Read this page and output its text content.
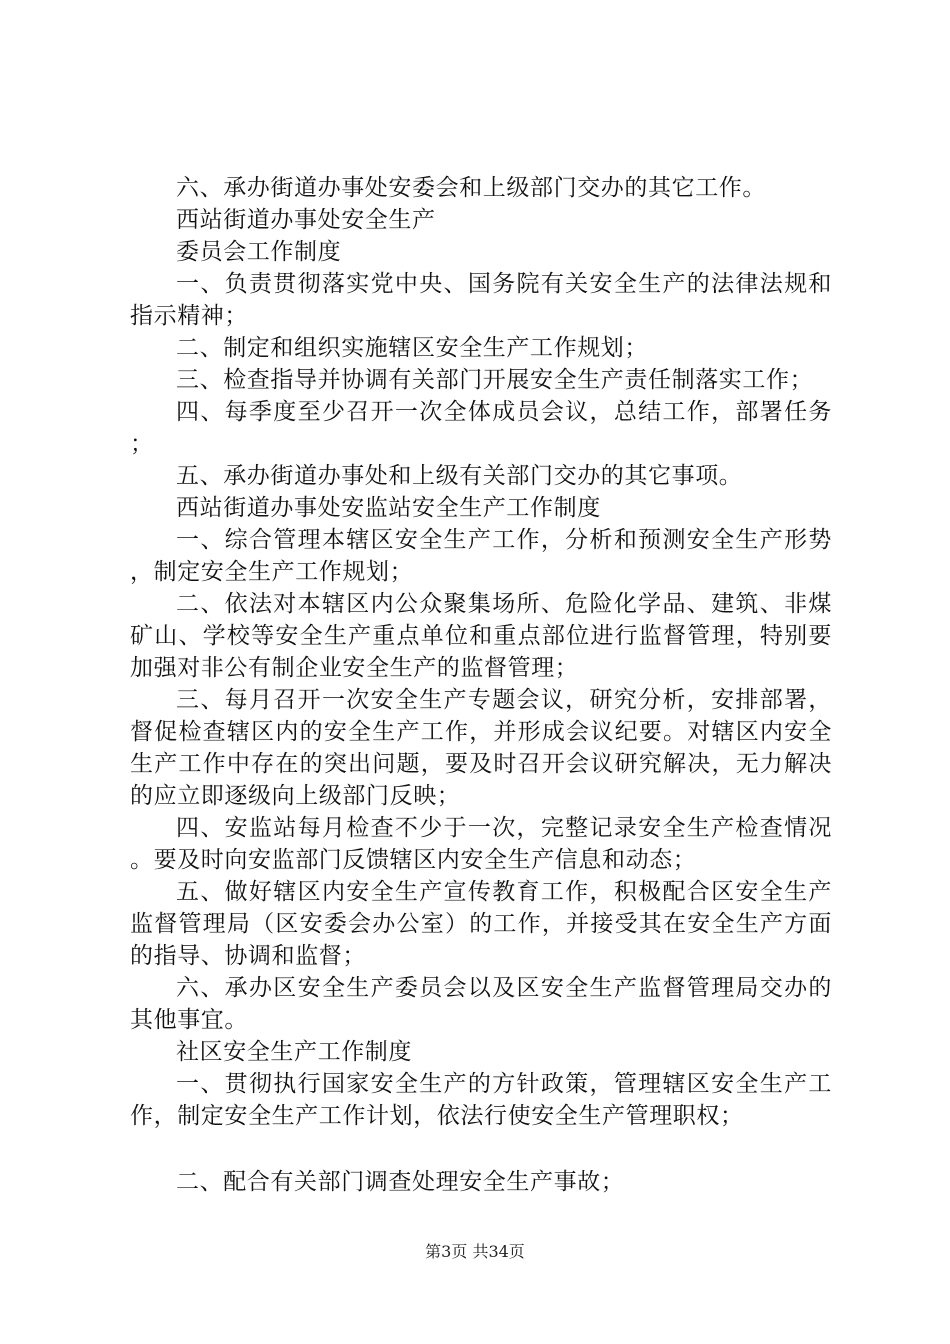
六、承办街道办事处安委会和上级部门交办的其它工作。

西站街道办事处安全生产

委员会工作制度

一、负责贯彻落实党中央、国务院有关安全生产的法律法规和指示精神；

二、制定和组织实施辖区安全生产工作规划；

三、检查指导并协调有关部门开展安全生产责任制落实工作；

四、每季度至少召开一次全体成员会议，总结工作，部署任务；

五、承办街道办事处和上级有关部门交办的其它事项。

西站街道办事处安监站安全生产工作制度

一、综合管理本辖区安全生产工作，分析和预测安全生产形势，制定安全生产工作规划；

二、依法对本辖区内公众聚集场所、危险化学品、建筑、非煤矿山、学校等安全生产重点单位和重点部位进行监督管理，特别要加强对非公有制企业安全生产的监督管理；

三、每月召开一次安全生产专题会议，研究分析，安排部署，督促检查辖区内的安全生产工作，并形成会议纪要。对辖区内安全生产工作中存在的突出问题，要及时召开会议研究解决，无力解决的应立即逐级向上级部门反映；

四、安监站每月检查不少于一次，完整记录安全生产检查情况。要及时向安监部门反馈辖区内安全生产信息和动态；

五、做好辖区内安全生产宣传教育工作，积极配合区安全生产监督管理局（区安委会办公室）的工作，并接受其在安全生产方面的指导、协调和监督；

六、承办区安全生产委员会以及区安全生产监督管理局交办的其他事宜。

社区安全生产工作制度

一、贯彻执行国家安全生产的方针政策，管理辖区安全生产工作，制定安全生产工作计划，依法行使安全生产管理职权；

二、配合有关部门调查处理安全生产事故；

第3页 共34页
